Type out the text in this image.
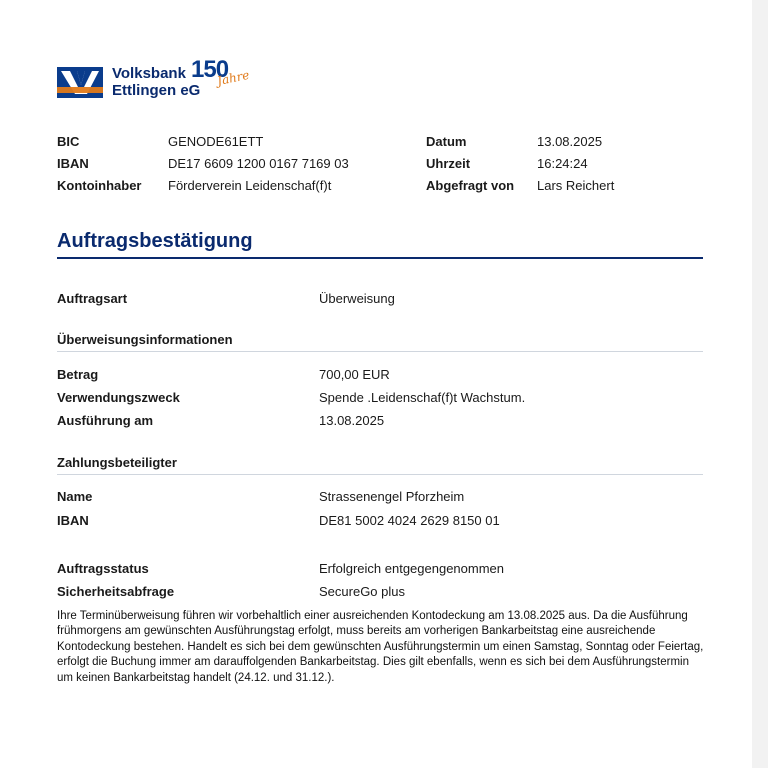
Volksbank
Ettlingen eG
150
Jahre
BIC	GENODE61ETT
IBAN	DE17 6609 1200 0167 7169 03
Kontoinhaber Förderverein Leidenschaf(f)t
Datum	13.08.2025
Uhrzeit	16:24:24
Abgefragt von Lars Reichert
Auftragsbestätigung
Auftragsart	Überweisung
Überweisungsinformationen
Betrag	700,00 EUR
Verwendungszweck	Spende .Leidenschaf(f)t Wachstum.
Ausführung am	13.08.2025
Zahlungsbeteiligter
Name	Strassenengel Pforzheim
IBAN	DE81 5002 4024 2629 8150 01
Auftragsstatus	Erfolgreich entgegengenommen
Sicherheitsabfrage	SecureGo plus
Ihre Terminüberweisung führen wir vorbehaltlich einer ausreichenden Kontodeckung am 13.08.2025 aus. Da die Ausführung frühmorgens am gewünschten Ausführungstag erfolgt, muss bereits am vorherigen Bankarbeitstag eine ausreichende Kontodeckung bestehen. Handelt es sich bei dem gewünschten Ausführungstermin um einen Samstag, Sonntag oder Feiertag, erfolgt die Buchung immer am darauffolgenden Bankarbeitstag. Dies gilt ebenfalls, wenn es sich bei dem Ausführungstermin um keinen Bankarbeitstag handelt (24.12. und 31.12.).
